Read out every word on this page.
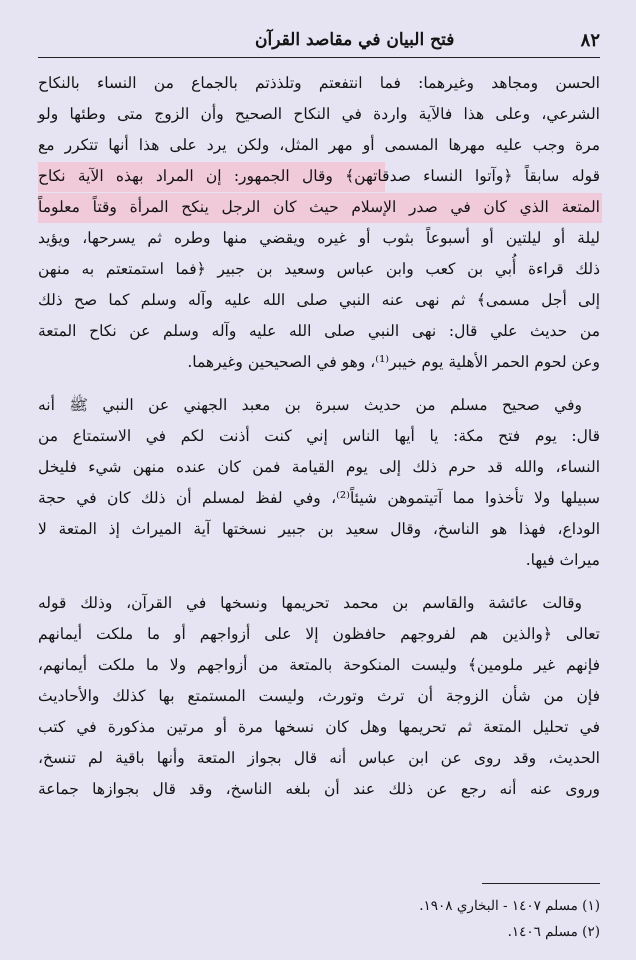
٨٢
فتح البيان في مقاصد القرآن
الحسن ومجاهد وغيرهما: فما انتفعتم وتلذذتم بالجماع من النساء بالنكاح
الشرعي، وعلى هذا فالآية واردة في النكاح الصحيح وأن الزوج متى وطئها ولو
مرة وجب عليه مهرها المسمى أو مهر المثل، ولكن يرد على هذا أنها تتكرر مع
قوله سابقاً ﴿وآتوا النساء صدقاتهن﴾ وقال الجمهور: إن المراد بهذه الآية نكاح
المتعة الذي كان في صدر الإسلام حيث كان الرجل ينكح المرأة وقتاً معلوماً
ليلة أو ليلتين أو أسبوعاً بثوب أو غيره ويقضي منها وطره ثم يسرحها، ويؤيد
ذلك قراءة أُبي بن كعب وابن عباس وسعيد بن جبير ﴿فما استمتعتم به منهن
إلى أجل مسمى﴾ ثم نهى عنه النبي صلى الله عليه وآله وسلم كما صح ذلك
من حديث علي قال: نهى النبي صلى الله عليه وآله وسلم عن نكاح المتعة
وعن لحوم الحمر الأهلية يوم خيبر⁽¹⁾، وهو في الصحيحين وغيرهما.
وفي صحيح مسلم من حديث سبرة بن معبد الجهني عن النبي ﷺ أنه
قال: يوم فتح مكة: يا أيها الناس إني كنت أذنت لكم في الاستمتاع من
النساء، والله قد حرم ذلك إلى يوم القيامة فمن كان عنده منهن شيء فليخل
سبيلها ولا تأخذوا مما آتيتموهن شيئاً⁽²⁾، وفي لفظ لمسلم أن ذلك كان في حجة
الوداع، فهذا هو الناسخ، وقال سعيد بن جبير نسختها آية الميراث إذ المتعة لا
ميراث فيها.
وقالت عائشة والقاسم بن محمد تحريمها ونسخها في القرآن، وذلك قوله
تعالى ﴿والذين هم لفروجهم حافظون إلا على أزواجهم أو ما ملكت أيمانهم
فإنهم غير ملومين﴾ وليست المنكوحة بالمتعة من أزواجهم ولا ما ملكت أيمانهم،
فإن من شأن الزوجة أن ترث وتورث، وليست المستمتع بها كذلك والأحاديث
في تحليل المتعة ثم تحريمها وهل كان نسخها مرة أو مرتين مذكورة في كتب
الحديث، وقد روى عن ابن عباس أنه قال بجواز المتعة وأنها باقية لم تنسخ،
وروى عنه أنه رجع عن ذلك عند أن بلغه الناسخ، وقد قال بجوازها جماعة
(١) مسلم ١٤٠٧ - البخاري ١٩٠٨.
(٢) مسلم ١٤٠٦.
